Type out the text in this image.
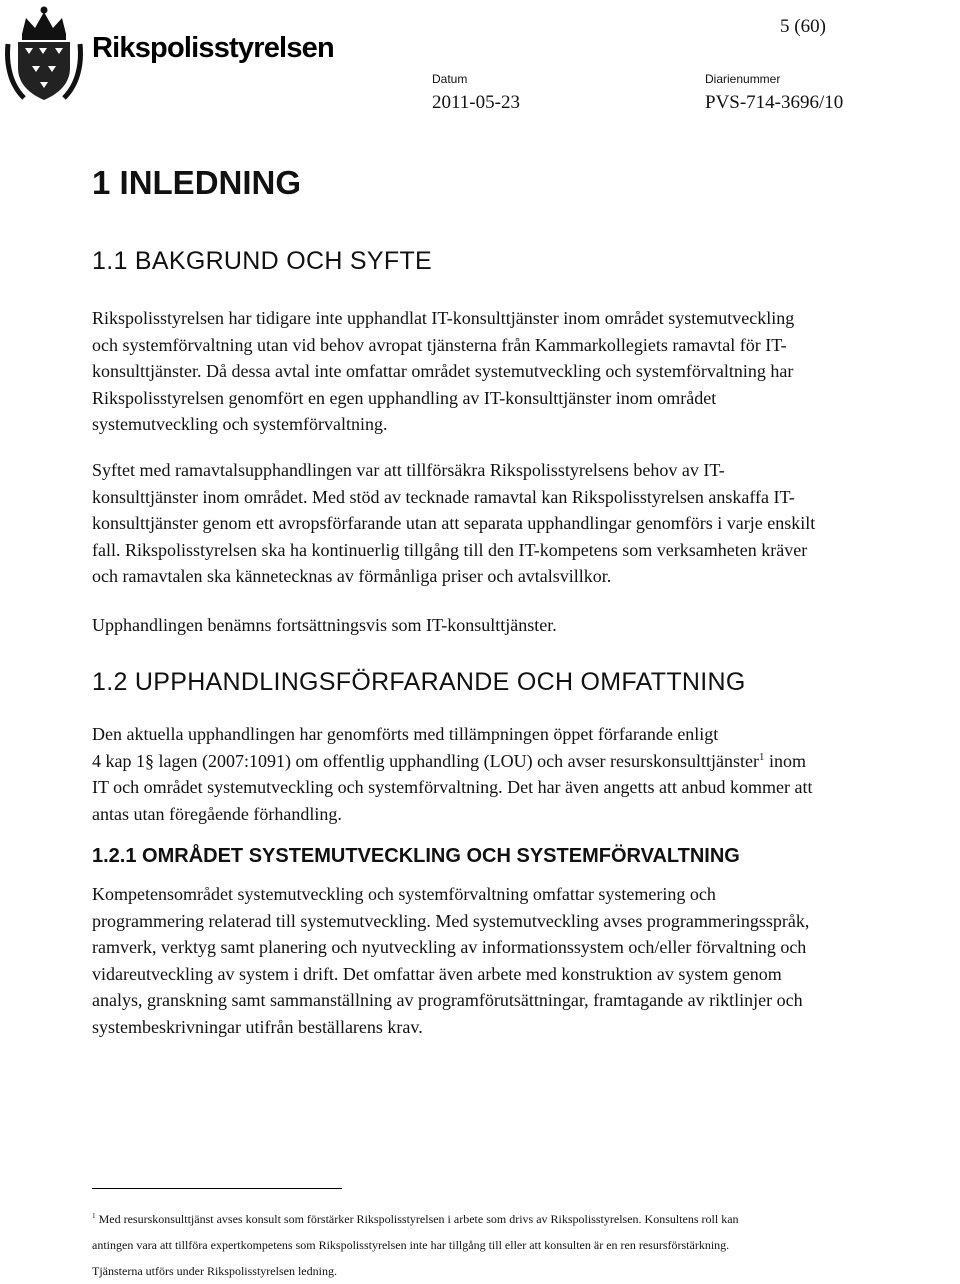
Rikspolisstyrelsen
5 (60)
Datum
2011-05-23
Diarienummer
PVS-714-3696/10
1 INLEDNING
1.1 BAKGRUND OCH SYFTE
Rikspolisstyrelsen har tidigare inte upphandlat IT-konsulttjänster inom området systemutveckling
och systemförvaltning utan vid behov avropat tjänsterna från Kammarkollegiets ramavtal för IT-
konsulttjänster. Då dessa avtal inte omfattar området systemutveckling och systemförvaltning har
Rikspolisstyrelsen genomfört en egen upphandling av IT-konsulttjänster inom området
systemutveckling och systemförvaltning.
Syftet med ramavtalsupphandlingen var att tillförsäkra Rikspolisstyrelsens behov av IT-
konsulttjänster inom området. Med stöd av tecknade ramavtal kan Rikspolisstyrelsen anskaffa IT-
konsulttjänster genom ett avropsförfarande utan att separata upphandlingar genomförs i varje enskilt
fall. Rikspolisstyrelsen ska ha kontinuerlig tillgång till den IT-kompetens som verksamheten kräver
och ramavtalen ska kännetecknas av förmånliga priser och avtalsvillkor.
Upphandlingen benämns fortsättningsvis som IT-konsulttjänster.
1.2 UPPHANDLINGSFÖRFARANDE OCH OMFATTNING
Den aktuella upphandlingen har genomförts med tillämpningen öppet förfarande enligt
4 kap 1§ lagen (2007:1091) om offentlig upphandling (LOU) och avser resurskonsulttjänster$^1$ inom
IT och området systemutveckling och systemförvaltning. Det har även angetts att anbud kommer att
antas utan föregående förhandling.
1.2.1 OMRÅDET SYSTEMUTVECKLING OCH SYSTEMFÖRVALTNING
Kompetensområdet systemutveckling och systemförvaltning omfattar systemering och
programmering relaterad till systemutveckling. Med systemutveckling avses programmeringsspråk,
ramverk, verktyg samt planering och nyutveckling av informationssystem och/eller förvaltning och
vidareutveckling av system i drift. Det omfattar även arbete med konstruktion av system genom
analys, granskning samt sammanställning av programförutsättningar, framtagande av riktlinjer och
systembeskrivningar utifrån beställarens krav.
$^1$ Med resurskonsulttjänst avses konsult som förstärker Rikspolisstyrelsen i arbete som drivs av Rikspolisstyrelsen. Konsultens roll kan
antingen vara att tillföra expertkompetens som Rikspolisstyrelsen inte har tillgång till eller att konsulten är en ren resursförstärkning.
Tjänsterna utförs under Rikspolisstyrelsen ledning.
